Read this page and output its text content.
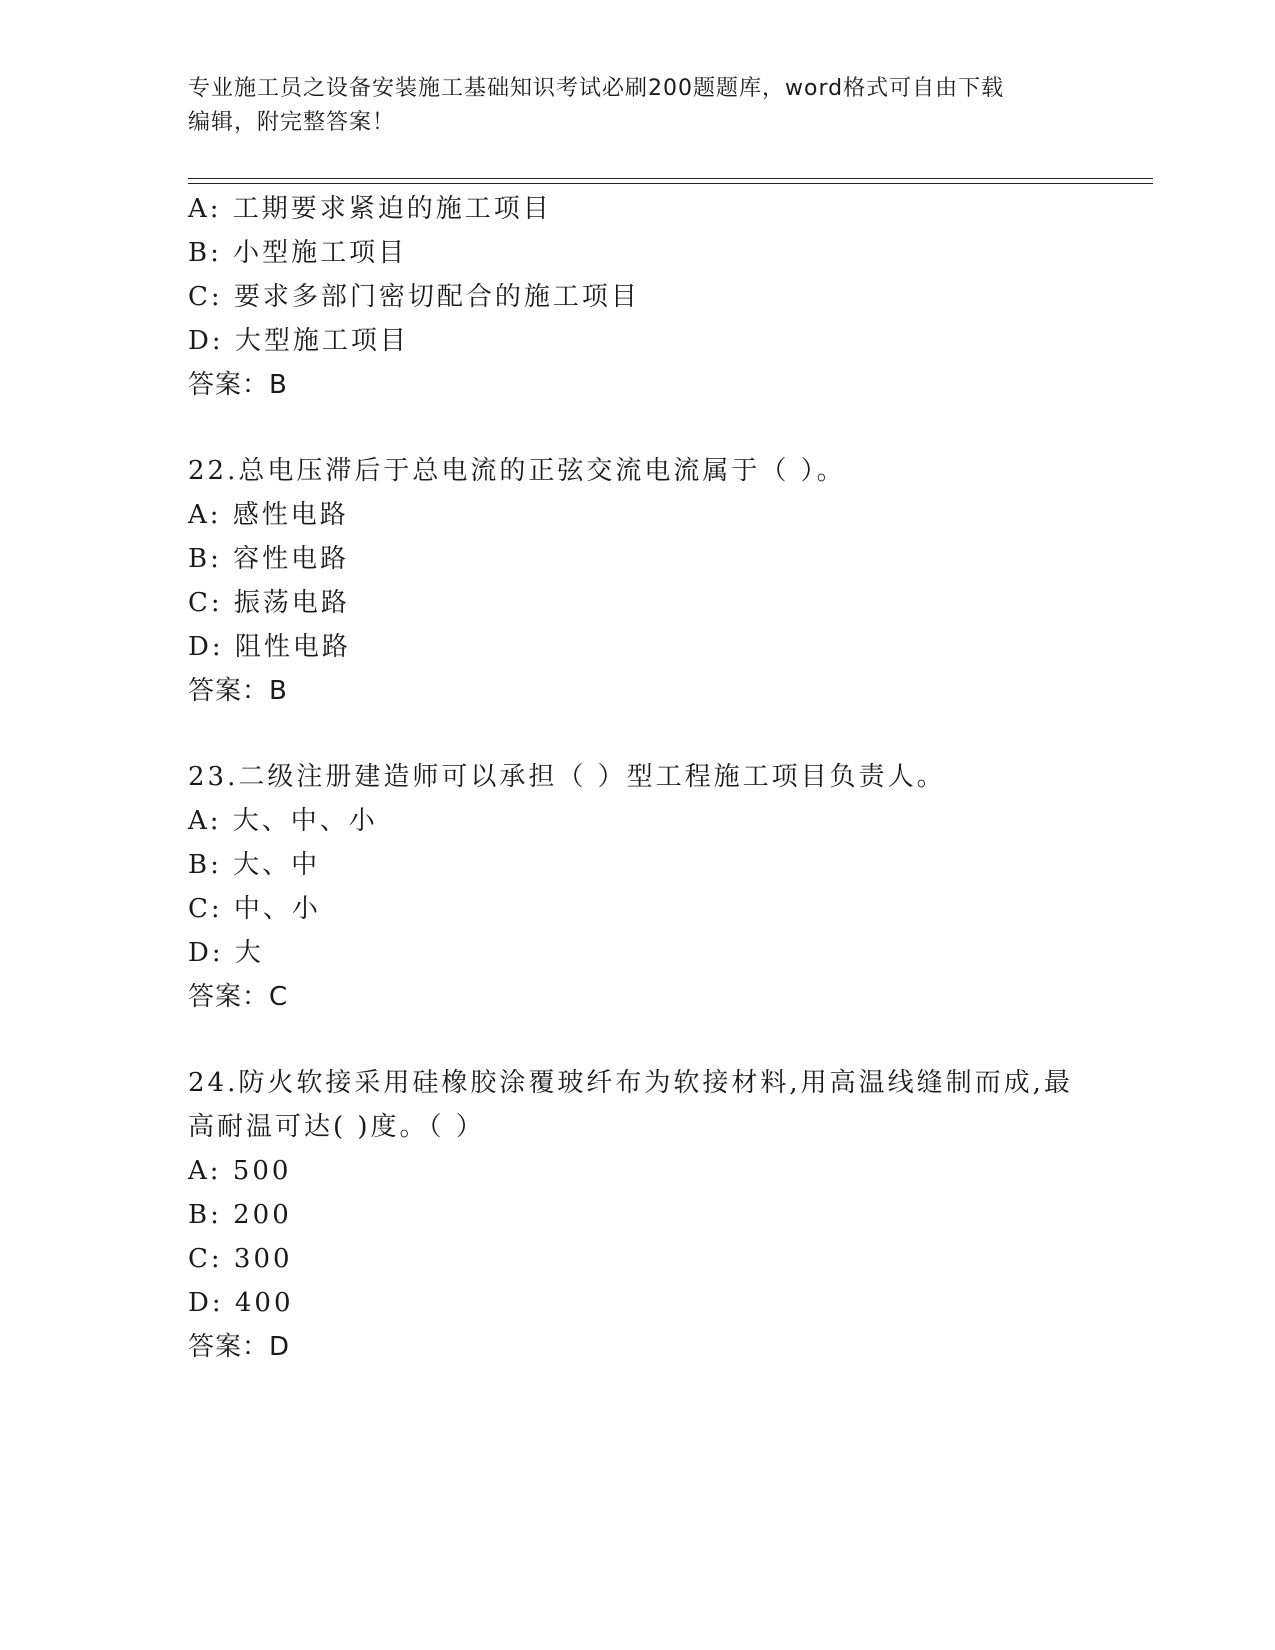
专业施工员之设备安装施工基础知识考试必刷200题题库，word格式可自由下载
编辑，附完整答案！
A: 工期要求紧迫的施工项目
B: 小型施工项目
C: 要求多部门密切配合的施工项目
D: 大型施工项目
答案：B
22.总电压滞后于总电流的正弦交流电流属于（ ）。
A: 感性电路
B: 容性电路
C: 振荡电路
D: 阻性电路
答案：B
23.二级注册建造师可以承担（ ）型工程施工项目负责人。
A: 大、中、小
B: 大、中
C: 中、小
D: 大
答案：C
24.防火软接采用硅橡胶涂覆玻纤布为软接材料,用高温线缝制而成,最
高耐温可达( )度。（ ）
A: 500
B: 200
C: 300
D: 400
答案：D
